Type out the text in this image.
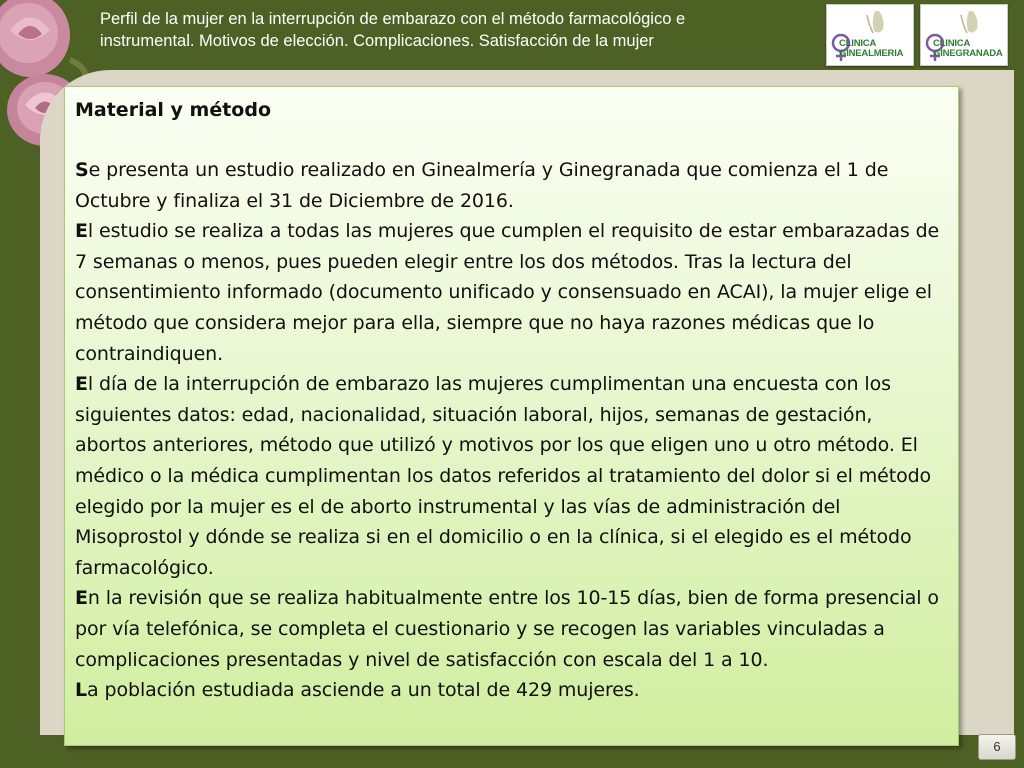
Perfil de la mujer en la interrupción de embarazo con el método farmacológico e
instrumental. Motivos de elección. Complicaciones. Satisfacción de la mujer	CLINICA
GINEALMERIA
CLINICA
GINEGRANADA
Material y método

Se presenta un estudio realizado en Ginealmería y Ginegranada que comienza el 1 de Octubre y finaliza el 31 de Diciembre de 2016.

El estudio se realiza a todas las mujeres que cumplen el requisito de estar embarazadas de 7 semanas o menos, pues pueden elegir entre los dos métodos. Tras la lectura del consentimiento informado (documento unificado y consensuado en ACAI), la mujer elige el método que considera mejor para ella, siempre que no haya razones médicas que lo contraindiquen.

El día de la interrupción de embarazo las mujeres cumplimentan una encuesta con los siguientes datos: edad, nacionalidad, situación laboral, hijos, semanas de gestación, abortos anteriores, método que utilizó y motivos por los que eligen uno u otro método. El médico o la médica cumplimentan los datos referidos al tratamiento del dolor si el método elegido por la mujer es el de aborto instrumental y las vías de administración del Misoprostol y dónde se realiza si en el domicilio o en la clínica, si el elegido es el método farmacológico.

En la revisión que se realiza habitualmente entre los 10-15 días, bien de forma presencial o por vía telefónica, se completa el cuestionario y se recogen las variables vinculadas a complicaciones presentadas y nivel de satisfacción con escala del 1 a 10.

La población estudiada asciende a un total de 429 mujeres.

6
